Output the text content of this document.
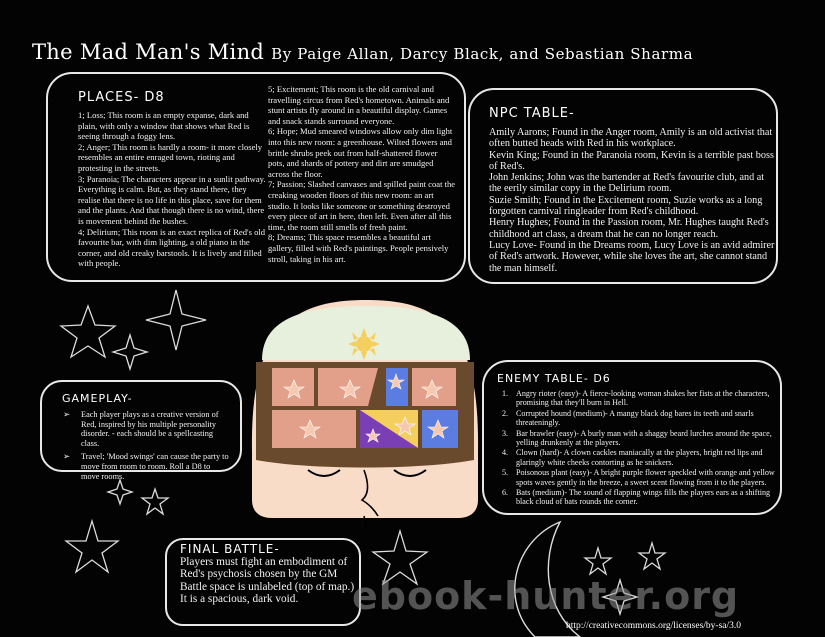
The Mad Man's Mind By Paige Allan, Darcy Black, and Sebastian Sharma
PLACES- D8

1; Loss; This room is an empty expanse, dark and plain, with only a window that shows what Red is seeing through a foggy lens.

2; Anger; This room is hardly a room- it more closely resembles an entire enraged town, rioting and protesting in the streets.

3; Paranoia; The characters appear in a sunlit pathway. Everything is calm. But, as they stand there, they realise that there is no life in this place, save for them and the plants. And that though there is no wind, there is movement behind the bushes.

4; Delirium; This room is an exact replica of Red's old favourite bar, with dim lighting, a old piano in the corner, and old creaky barstools. It is lively and filled with people.

5; Excitement; This room is the old carnival and travelling circus from Red's hometown. Animals and stunt artists fly around in a beautiful display. Games and snack stands surround everyone.

6; Hope; Mud smeared windows allow only dim light into this new room: a greenhouse. Wilted flowers and brittle shrubs peek out from half-shattered flower pots, and shards of pottery and dirt are smudged across the floor.

7; Passion; Slashed canvases and spilled paint coat the creaking wooden floors of this new room: an art studio. It looks like someone or something destroyed every piece of art in here, then left. Even after all this time, the room still smells of fresh paint.

8; Dreams; This space resembles a beautiful art gallery, filled with Red's paintings. People pensively stroll, taking in his art.

NPC TABLE-

Amily Aarons; Found in the Anger room, Amily is an old activist that often butted heads with Red in his workplace.

Kevin King; Found in the Paranoia room, Kevin is a terrible past boss of Red's.

John Jenkins; John was the bartender at Red's favourite club, and at the eerily similar copy in the Delirium room.

Suzie Smith; Found in the Excitement room, Suzie works as a long forgotten carnival ringleader from Red's childhood.

Henry Hughes; Found in the Passion room, Mr. Hughes taught Red's childhood art class, a dream that he can no longer reach.

Lucy Love- Found in the Dreams room, Lucy Love is an avid admirer of Red's artwork. However, while she loves the art, she cannot stand the man himself.

GAMEPLAY-
➢ Each player plays as a creative version of Red, inspired by his multiple personality disorder. - each should be a spellcasting class.
➢ Travel; 'Mood swings' can cause the party to move from room to room. Roll a D8 to move rooms.
ENEMY TABLE- D6
1. Angry rioter (easy)- A fierce-looking woman shakes her fists at the characters, promising that they'll burn in Hell.
2. Corrupted hound (medium)- A mangy black dog bares its teeth and snarls threateningly.
3. Bar brawler (easy)- A burly man with a shaggy beard lurches around the space, yelling drunkenly at the players.
4. Clown (hard)- A clown cackles maniacally at the players, bright red lips and glaringly white cheeks contorting as he snickers.
5. Poisonous plant (easy)- A bright purple flower speckled with orange and yellow spots waves gently in the breeze, a sweet scent flowing from it to the players.
6. Bats (medium)- The sound of flapping wings fills the players ears as a shifting black cloud of bats rounds the corner.
FINAL BATTLE-
Players must fight an embodiment of Red's psychosis chosen by the GM Battle space is unlabeled (top of map.) It is a spacious, dark void.	ebook-hunter.org
http://creativecommons.org/licenses/by-sa/3.0
